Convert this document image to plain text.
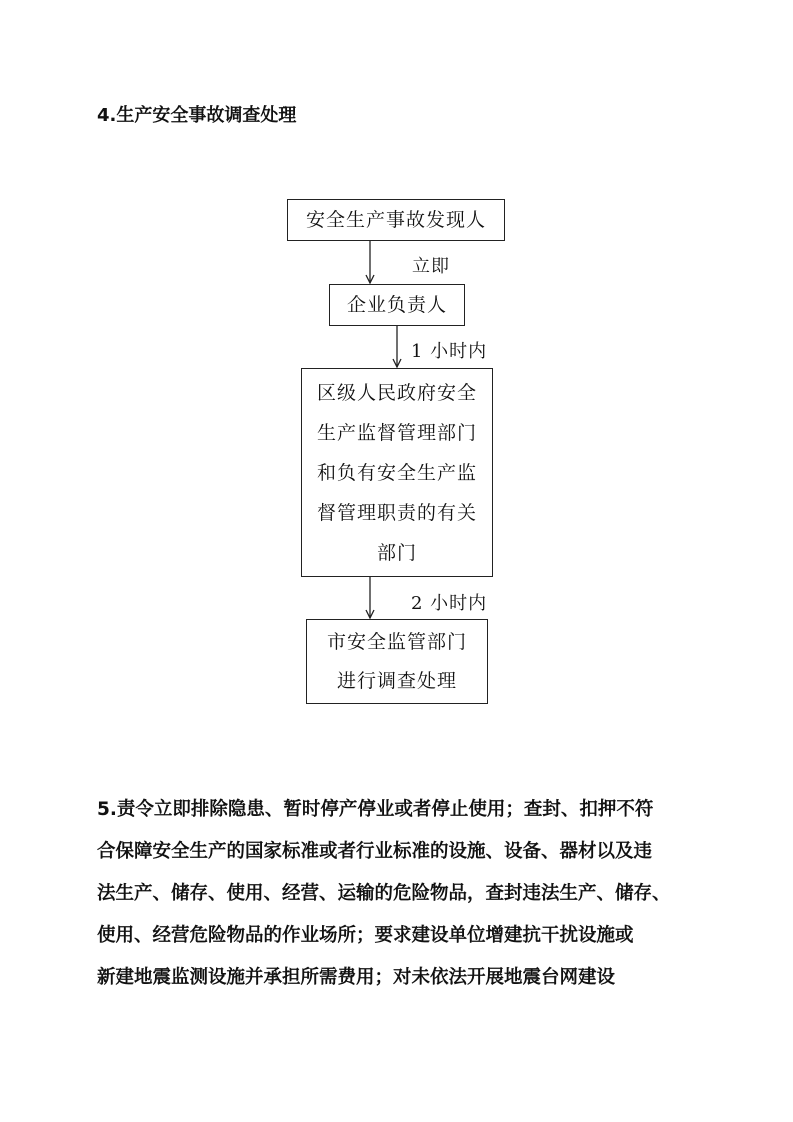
4.生产安全事故调查处理
安全生产事故发现人
企业负责人
区级人民政府安全
生产监督管理部门
和负有安全生产监
督管理职责的有关
部门
市安全监管部门
进行调查处理
立即
1 小时内
2 小时内
5.责令立即排除隐患、暂时停产停业或者停止使用；查封、扣押不符
合保障安全生产的国家标准或者行业标准的设施、设备、器材以及违
法生产、储存、使用、经营、运输的危险物品，查封违法生产、储存、
使用、经营危险物品的作业场所；要求建设单位增建抗干扰设施或
新建地震监测设施并承担所需费用；对未依法开展地震台网建设
